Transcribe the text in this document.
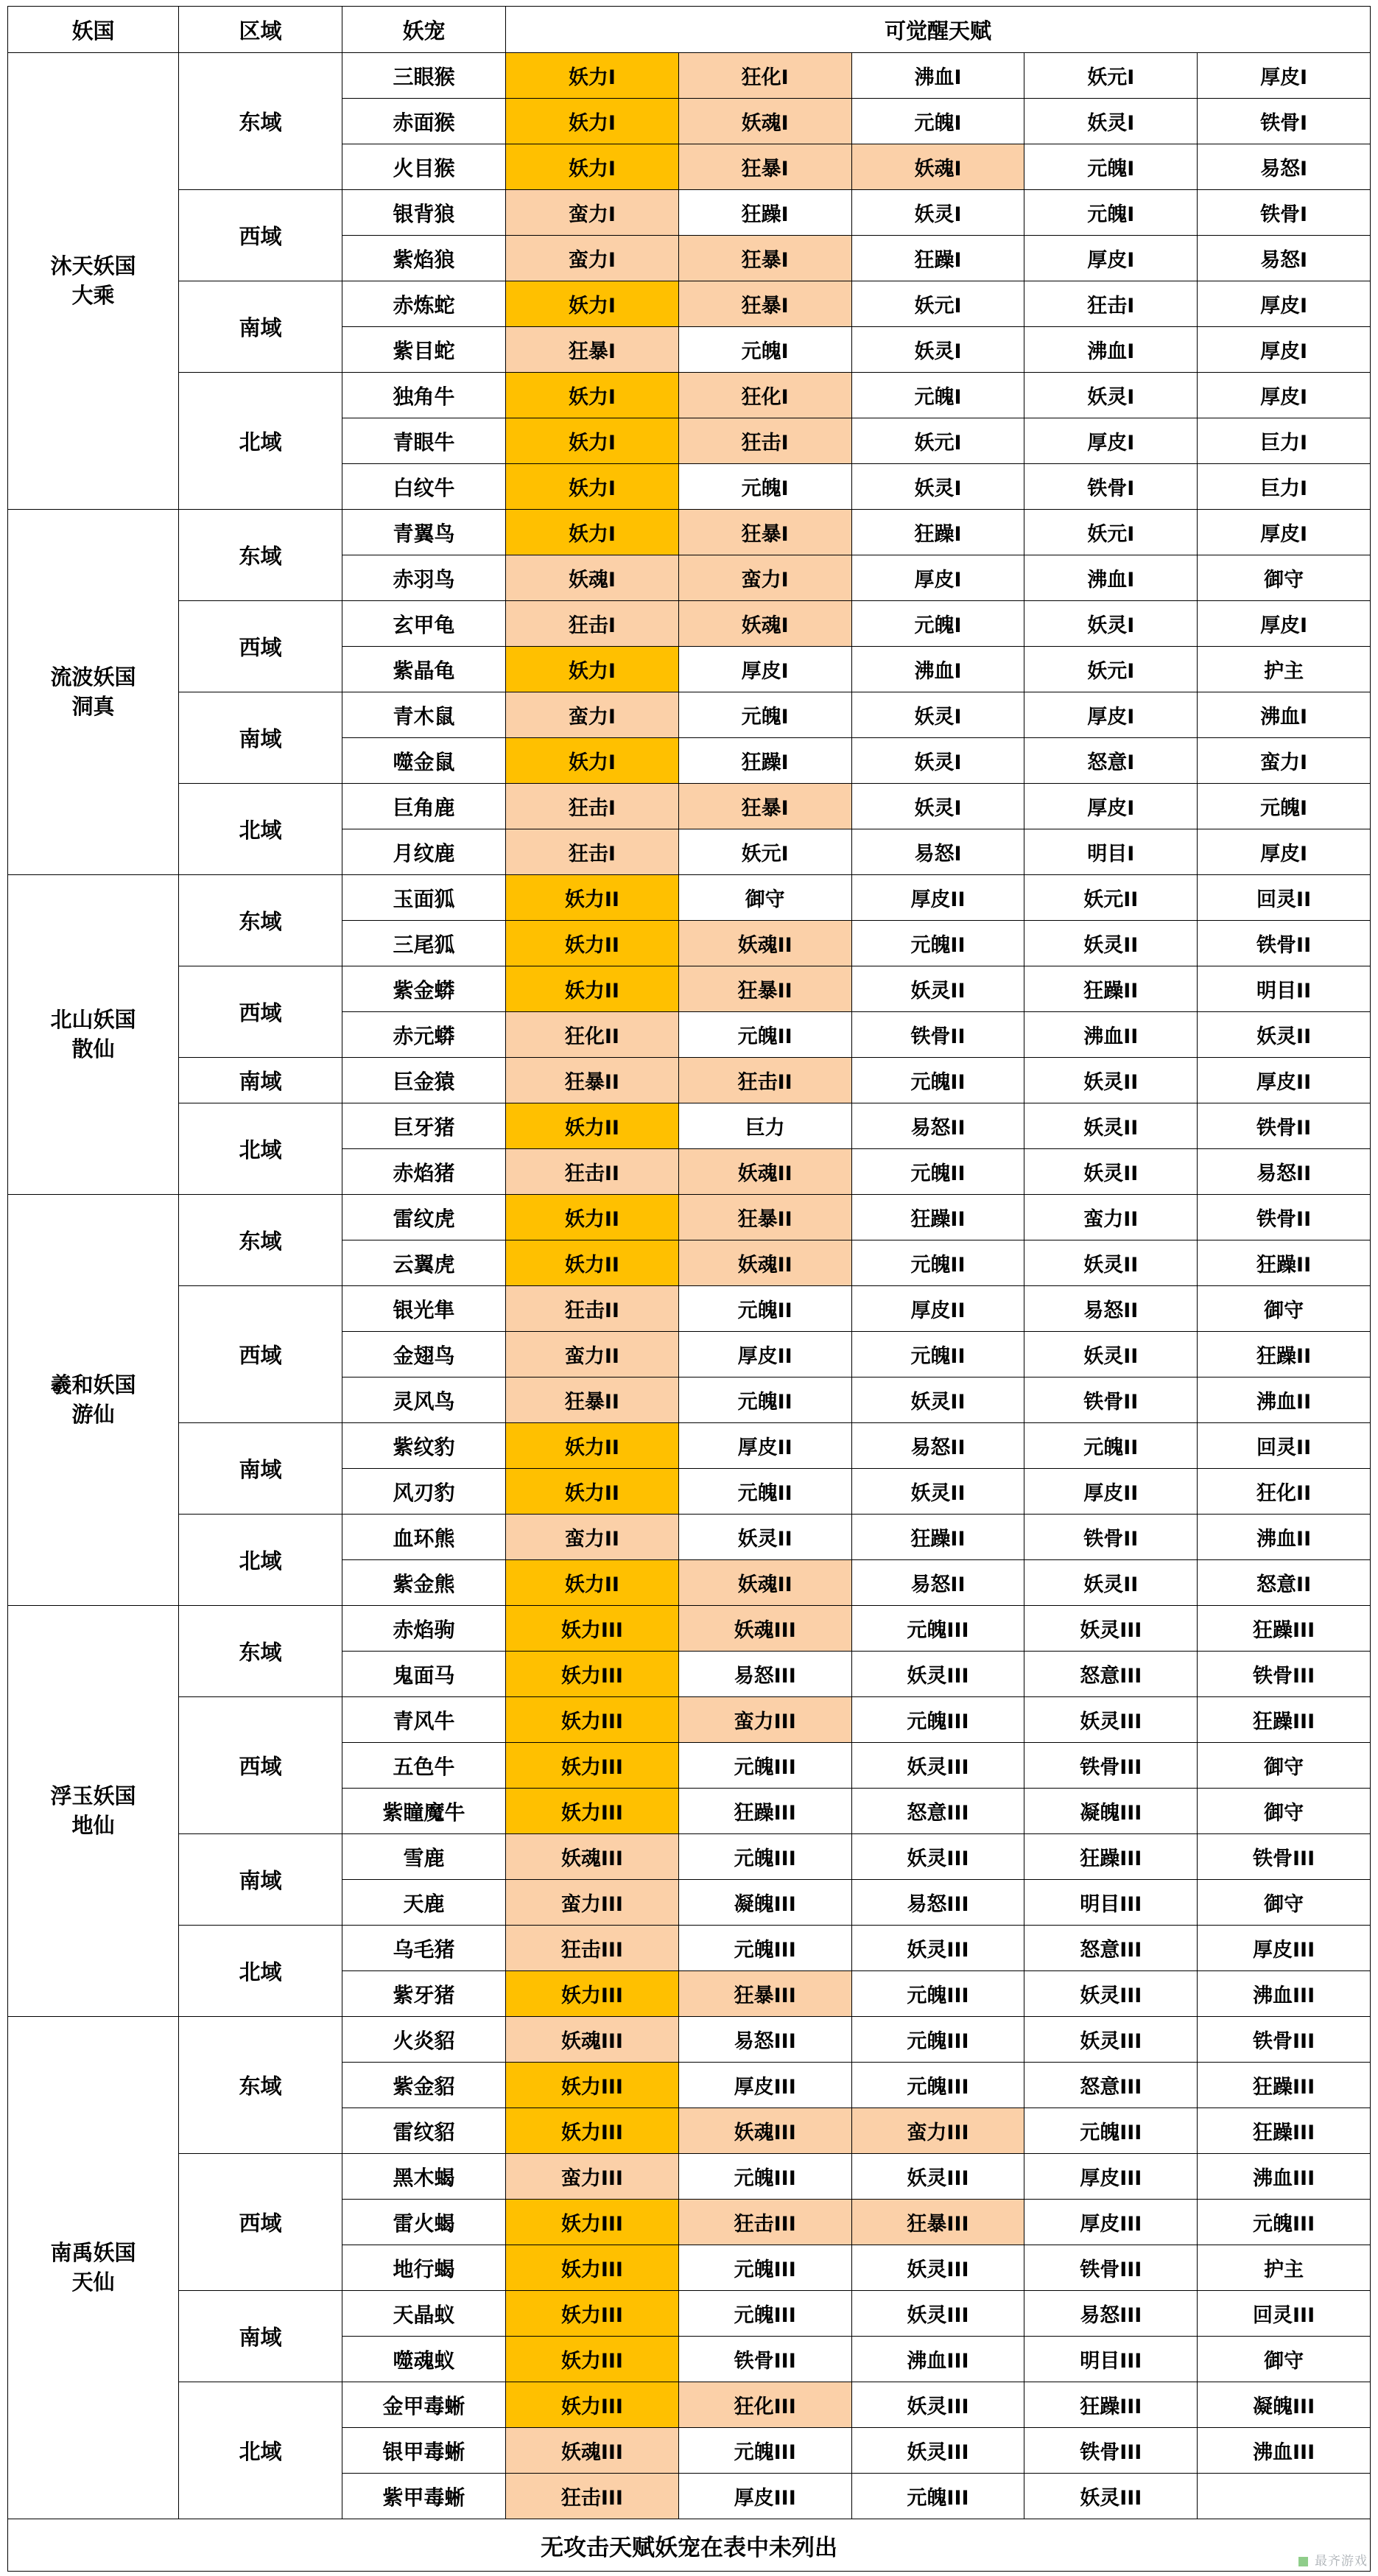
妖国	区域	妖宠	可觉醒天赋				
沐天妖国
大乘	东域	三眼猴	妖力I	狂化I	沸血I	妖元I	厚皮I
		赤面猴	妖力I	妖魂I	元魄I	妖灵I	铁骨I
		火目猴	妖力I	狂暴I	妖魂I	元魄I	易怒I
	西域	银背狼	蛮力I	狂躁I	妖灵I	元魄I	铁骨I
		紫焰狼	蛮力I	狂暴I	狂躁I	厚皮I	易怒I
	南域	赤炼蛇	妖力I	狂暴I	妖元I	狂击I	厚皮I
		紫目蛇	狂暴I	元魄I	妖灵I	沸血I	厚皮I
	北域	独角牛	妖力I	狂化I	元魄I	妖灵I	厚皮I
		青眼牛	妖力I	狂击I	妖元I	厚皮I	巨力I
		白纹牛	妖力I	元魄I	妖灵I	铁骨I	巨力I
流波妖国
洞真	东域	青翼鸟	妖力I	狂暴I	狂躁I	妖元I	厚皮I
		赤羽鸟	妖魂I	蛮力I	厚皮I	沸血I	御守
	西域	玄甲龟	狂击I	妖魂I	元魄I	妖灵I	厚皮I
		紫晶龟	妖力I	厚皮I	沸血I	妖元I	护主
	南域	青木鼠	蛮力I	元魄I	妖灵I	厚皮I	沸血I
		噬金鼠	妖力I	狂躁I	妖灵I	怒意I	蛮力I
	北域	巨角鹿	狂击I	狂暴I	妖灵I	厚皮I	元魄I
		月纹鹿	狂击I	妖元I	易怒I	明目I	厚皮I
北山妖国
散仙	东域	玉面狐	妖力II	御守	厚皮II	妖元II	回灵II
		三尾狐	妖力II	妖魂II	元魄II	妖灵II	铁骨II
	西域	紫金蟒	妖力II	狂暴II	妖灵II	狂躁II	明目II
		赤元蟒	狂化II	元魄II	铁骨II	沸血II	妖灵II
	南域	巨金猿	狂暴II	狂击II	元魄II	妖灵II	厚皮II
	北域	巨牙猪	妖力II	巨力	易怒II	妖灵II	铁骨II
		赤焰猪	狂击II	妖魂II	元魄II	妖灵II	易怒II
羲和妖国
游仙	东域	雷纹虎	妖力II	狂暴II	狂躁II	蛮力II	铁骨II
		云翼虎	妖力II	妖魂II	元魄II	妖灵II	狂躁II
	西域	银光隼	狂击II	元魄II	厚皮II	易怒II	御守
		金翅鸟	蛮力II	厚皮II	元魄II	妖灵II	狂躁II
		灵风鸟	狂暴II	元魄II	妖灵II	铁骨II	沸血II
	南域	紫纹豹	妖力II	厚皮II	易怒II	元魄II	回灵II
		风刃豹	妖力II	元魄II	妖灵II	厚皮II	狂化II
	北域	血环熊	蛮力II	妖灵II	狂躁II	铁骨II	沸血II
		紫金熊	妖力II	妖魂II	易怒II	妖灵II	怒意II
浮玉妖国
地仙	东域	赤焰驹	妖力III	妖魂III	元魄III	妖灵III	狂躁III
		鬼面马	妖力III	易怒III	妖灵III	怒意III	铁骨III
	西域	青风牛	妖力III	蛮力III	元魄III	妖灵III	狂躁III
		五色牛	妖力III	元魄III	妖灵III	铁骨III	御守
		紫瞳魔牛	妖力III	狂躁III	怒意III	凝魄III	御守
	南域	雪鹿	妖魂III	元魄III	妖灵III	狂躁III	铁骨III
		天鹿	蛮力III	凝魄III	易怒III	明目III	御守
	北域	乌毛猪	狂击III	元魄III	妖灵III	怒意III	厚皮III
		紫牙猪	妖力III	狂暴III	元魄III	妖灵III	沸血III
南禹妖国
天仙	东域	火炎貂	妖魂III	易怒III	元魄III	妖灵III	铁骨III
		紫金貂	妖力III	厚皮III	元魄III	怒意III	狂躁III
		雷纹貂	妖力III	妖魂III	蛮力III	元魄III	狂躁III
	西域	黑木蝎	蛮力III	元魄III	妖灵III	厚皮III	沸血III
		雷火蝎	妖力III	狂击III	狂暴III	厚皮III	元魄III
		地行蝎	妖力III	元魄III	妖灵III	铁骨III	护主
	南域	天晶蚁	妖力III	元魄III	妖灵III	易怒III	回灵III
		噬魂蚁	妖力III	铁骨III	沸血III	明目III	御守
	北域	金甲毒蜥	妖力III	狂化III	妖灵III	狂躁III	凝魄III
		银甲毒蜥	妖魂III	元魄III	妖灵III	铁骨III	沸血III
		紫甲毒蜥	狂击III	厚皮III	元魄III	妖灵III	
无攻击天赋妖宠在表中未列出							
■ 最齐游戏
